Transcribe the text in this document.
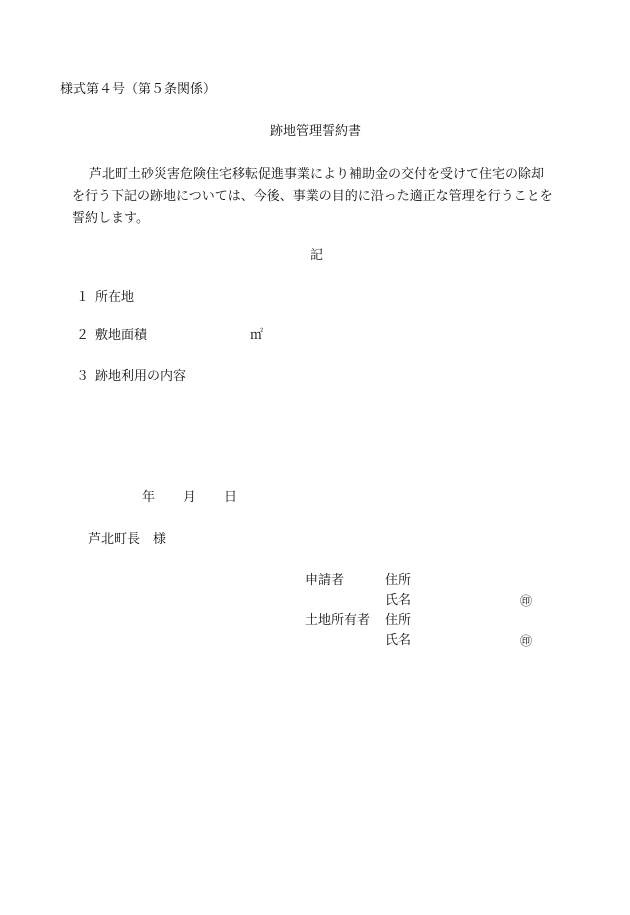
様式第４号（第５条関係）
跡地管理誓約書
芦北町土砂災害危険住宅移転促進事業により補助金の交付を受けて住宅の除却
を行う下記の跡地については、今後、事業の目的に沿った適正な管理を行うことを
誓約します。
記
１ 所在地
２ 敷地面積	㎡
３ 跡地利用の内容
年 月 日
芦北町長 様
申請者	住所
氏名	㊞
土地所有者 住所
氏名	㊞
